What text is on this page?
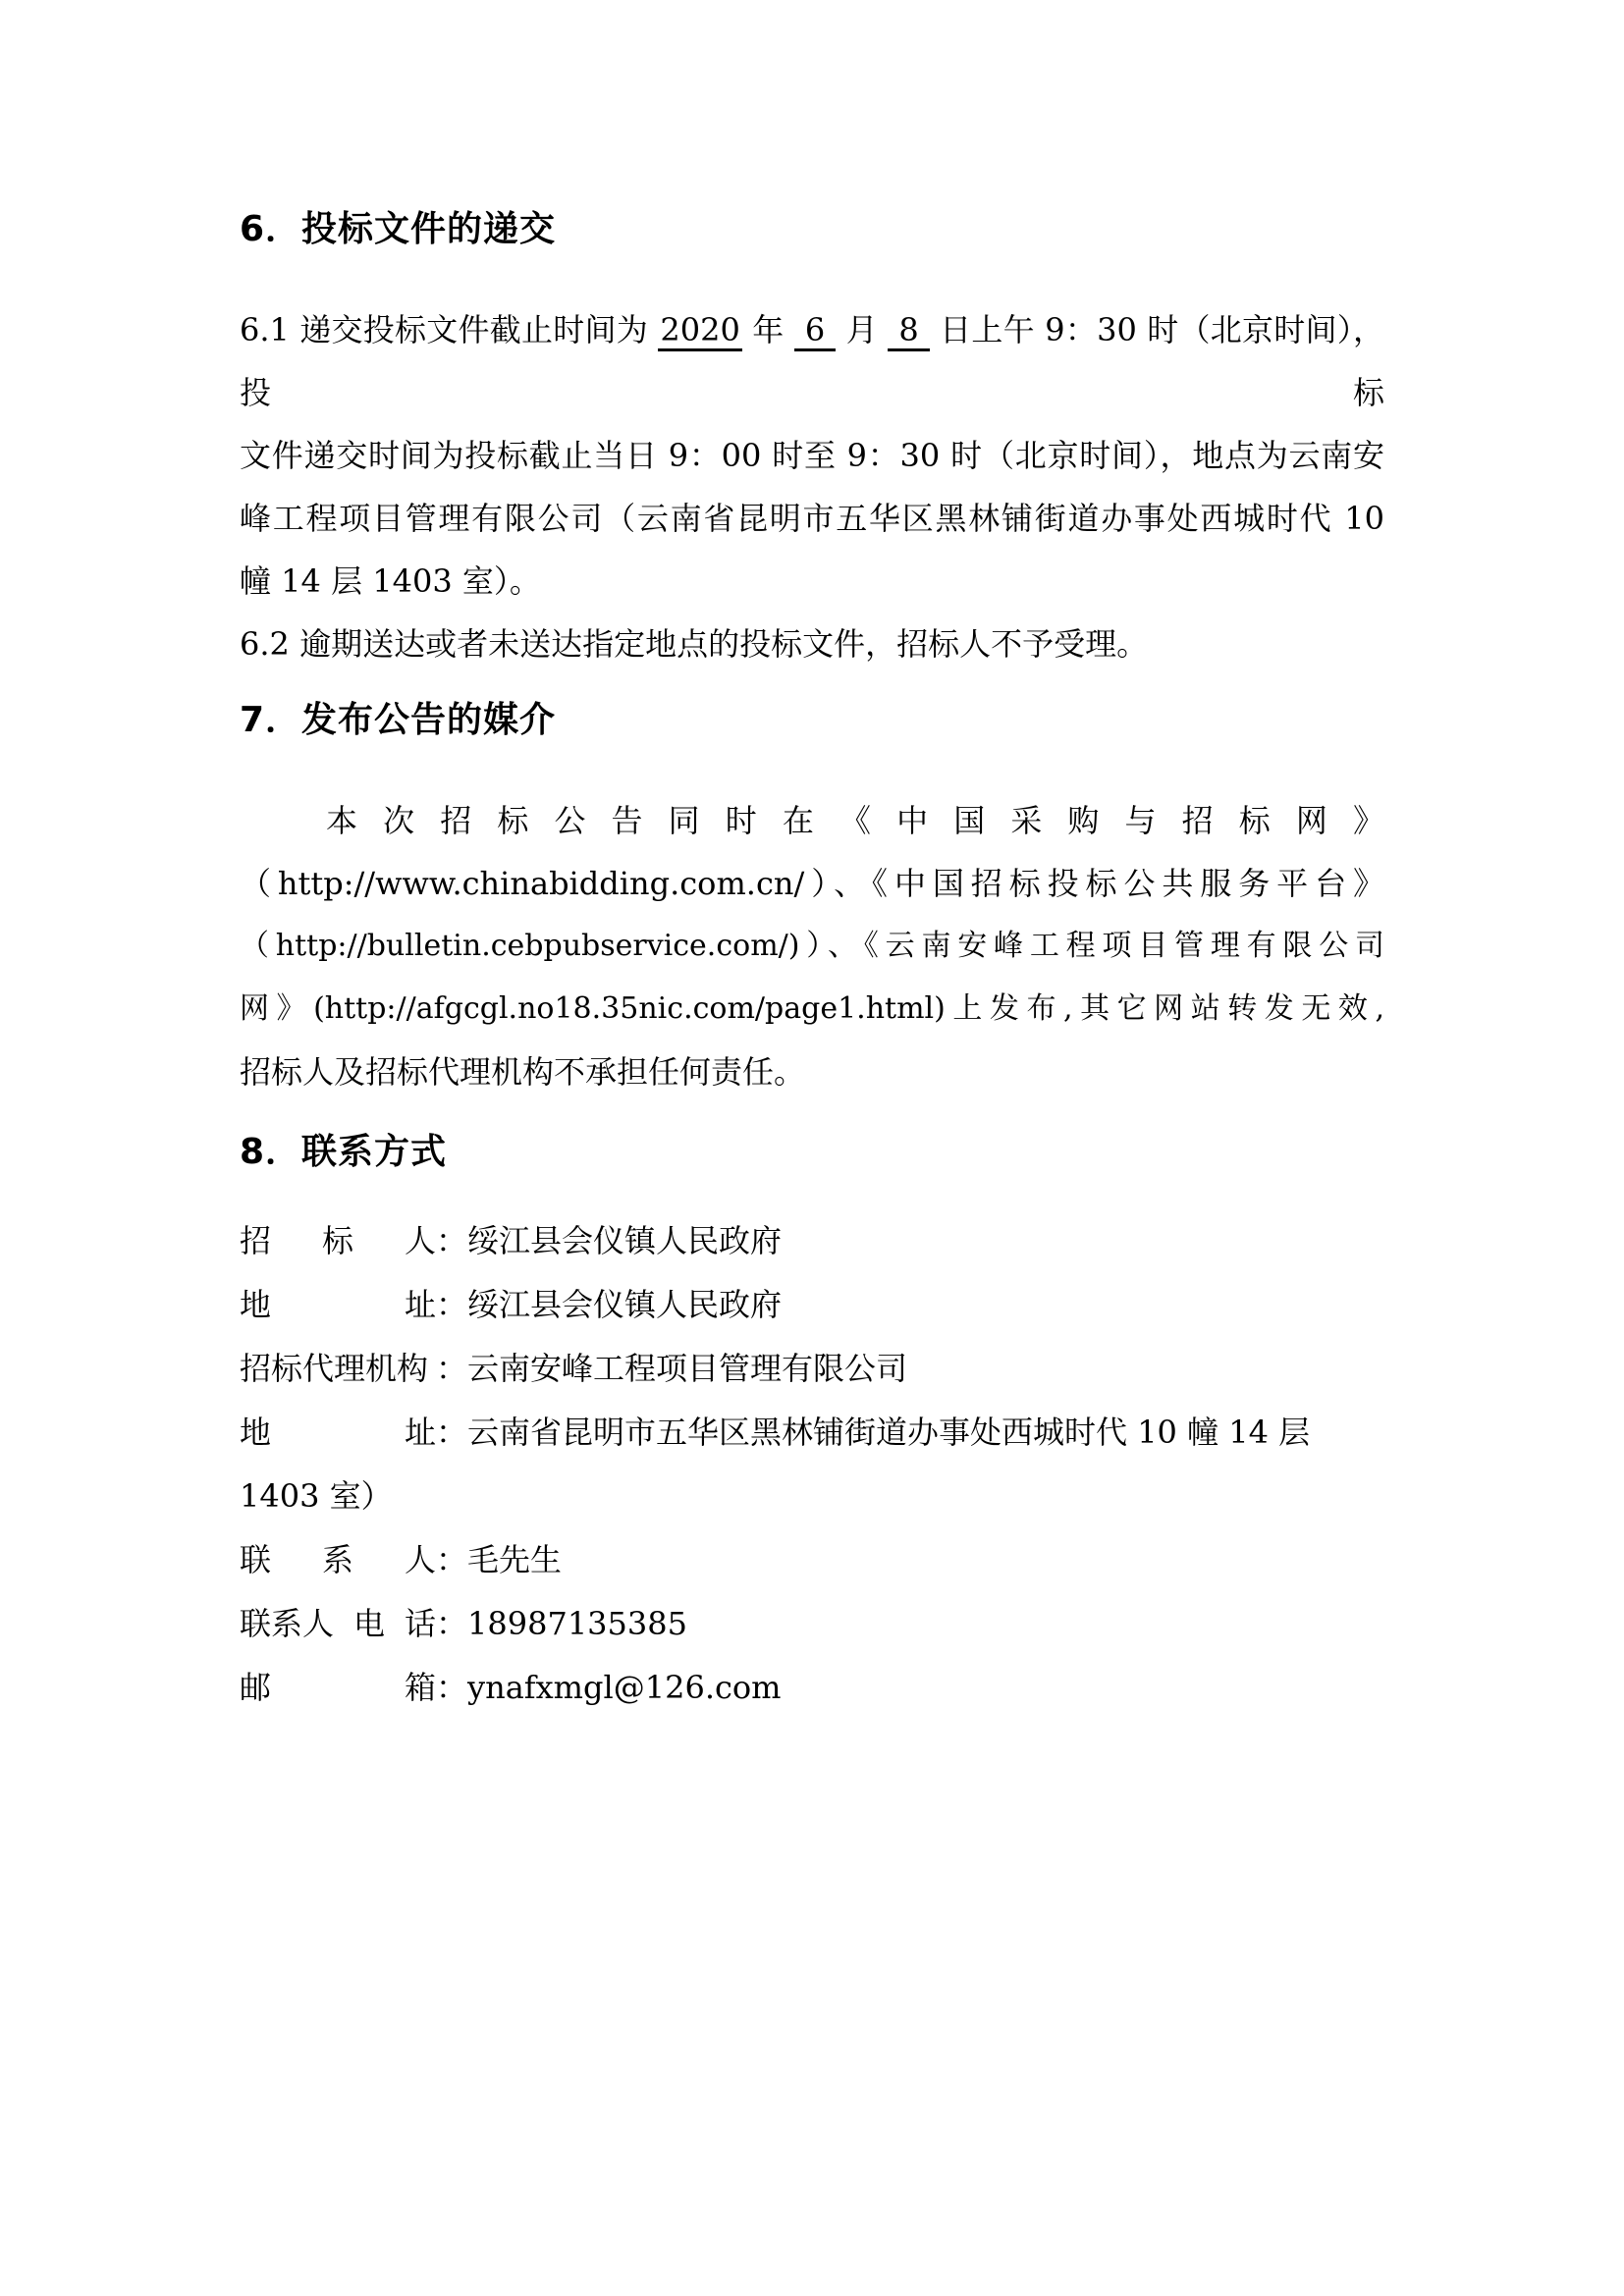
6．投标文件的递交
6.1 递交投标文件截止时间为 2020 年 6 月 8 日上午 9：30 时（北京时间），投标
文件递交时间为投标截止当日 9：00 时至 9：30 时（北京时间），地点为云南安
峰工程项目管理有限公司（云南省昆明市五华区黑林铺街道办事处西城时代 10
幢 14 层 1403 室）。
6.2 逾期送达或者未送达指定地点的投标文件，招标人不予受理。
7．发布公告的媒介
本 次 招 标 公 告 同 时 在 《 中 国 采 购 与 招 标 网 》
（http://www.chinabidding.com.cn/）、《中国招标投标公共服务平台》
（http://bulletin.cebpubservice.com/)）、《云南安峰工程项目管理有限公司
网》(http://afgcgl.no18.35nic.com/page1.html)上发布,其它网站转发无效,
招标人及招标代理机构不承担任何责任。
8．联系方式
招 标 人 ：绥江县会仪镇人民政府
地	址 ：绥江县会仪镇人民政府
招标代理机构 ：云南安峰工程项目管理有限公司
地	址 ：云南省昆明市五华区黑林铺街道办事处西城时代 10 幢 14 层
1403 室）
联 系 人 ：毛先生
联系人 电 话 ：18987135385
邮	箱 ：ynafxmgl@126.com
